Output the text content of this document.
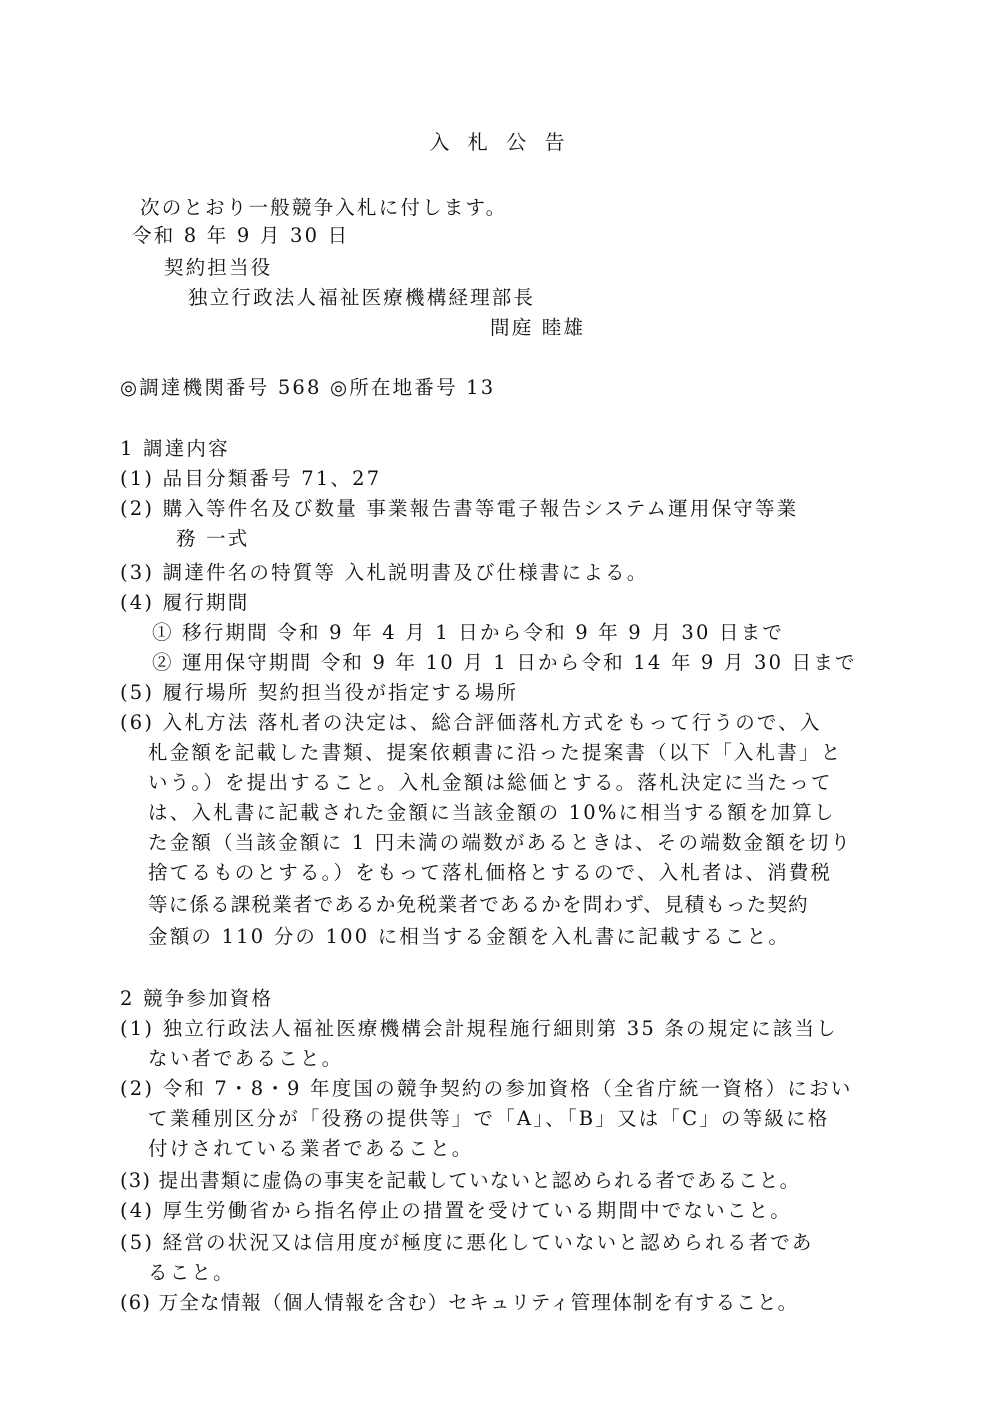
入 札 公 告
次のとおり一般競争入札に付します。
令和 8 年 9 月 30 日
契約担当役
独立行政法人福祉医療機構経理部長
間庭 睦雄
◎調達機関番号 568 ◎所在地番号 13
1 調達内容
(1) 品目分類番号 71、27
(2) 購入等件名及び数量 事業報告書等電子報告システム運用保守等業
務 一式
(3) 調達件名の特質等 入札説明書及び仕様書による。
(4) 履行期間
① 移行期間 令和 9 年 4 月 1 日から令和 9 年 9 月 30 日まで
② 運用保守期間 令和 9 年 10 月 1 日から令和 14 年 9 月 30 日まで
(5) 履行場所 契約担当役が指定する場所
(6) 入札方法 落札者の決定は、総合評価落札方式をもって行うので、入
札金額を記載した書類、提案依頼書に沿った提案書（以下「入札書」と
いう。）を提出すること。入札金額は総価とする。落札決定に当たって
は、入札書に記載された金額に当該金額の 10%に相当する額を加算し
た金額（当該金額に 1 円未満の端数があるときは、その端数金額を切り
捨てるものとする。）をもって落札価格とするので、入札者は、消費税
等に係る課税業者であるか免税業者であるかを問わず、見積もった契約
金額の 110 分の 100 に相当する金額を入札書に記載すること。
2 競争参加資格
(1) 独立行政法人福祉医療機構会計規程施行細則第 35 条の規定に該当し
ない者であること。
(2) 令和 7・8・9 年度国の競争契約の参加資格（全省庁統一資格）におい
て業種別区分が「役務の提供等」で「A」、「B」又は「C」の等級に格
付けされている業者であること。
(3) 提出書類に虚偽の事実を記載していないと認められる者であること。
(4) 厚生労働省から指名停止の措置を受けている期間中でないこと。
(5) 経営の状況又は信用度が極度に悪化していないと認められる者であ
ること。
(6) 万全な情報（個人情報を含む）セキュリティ管理体制を有すること。
